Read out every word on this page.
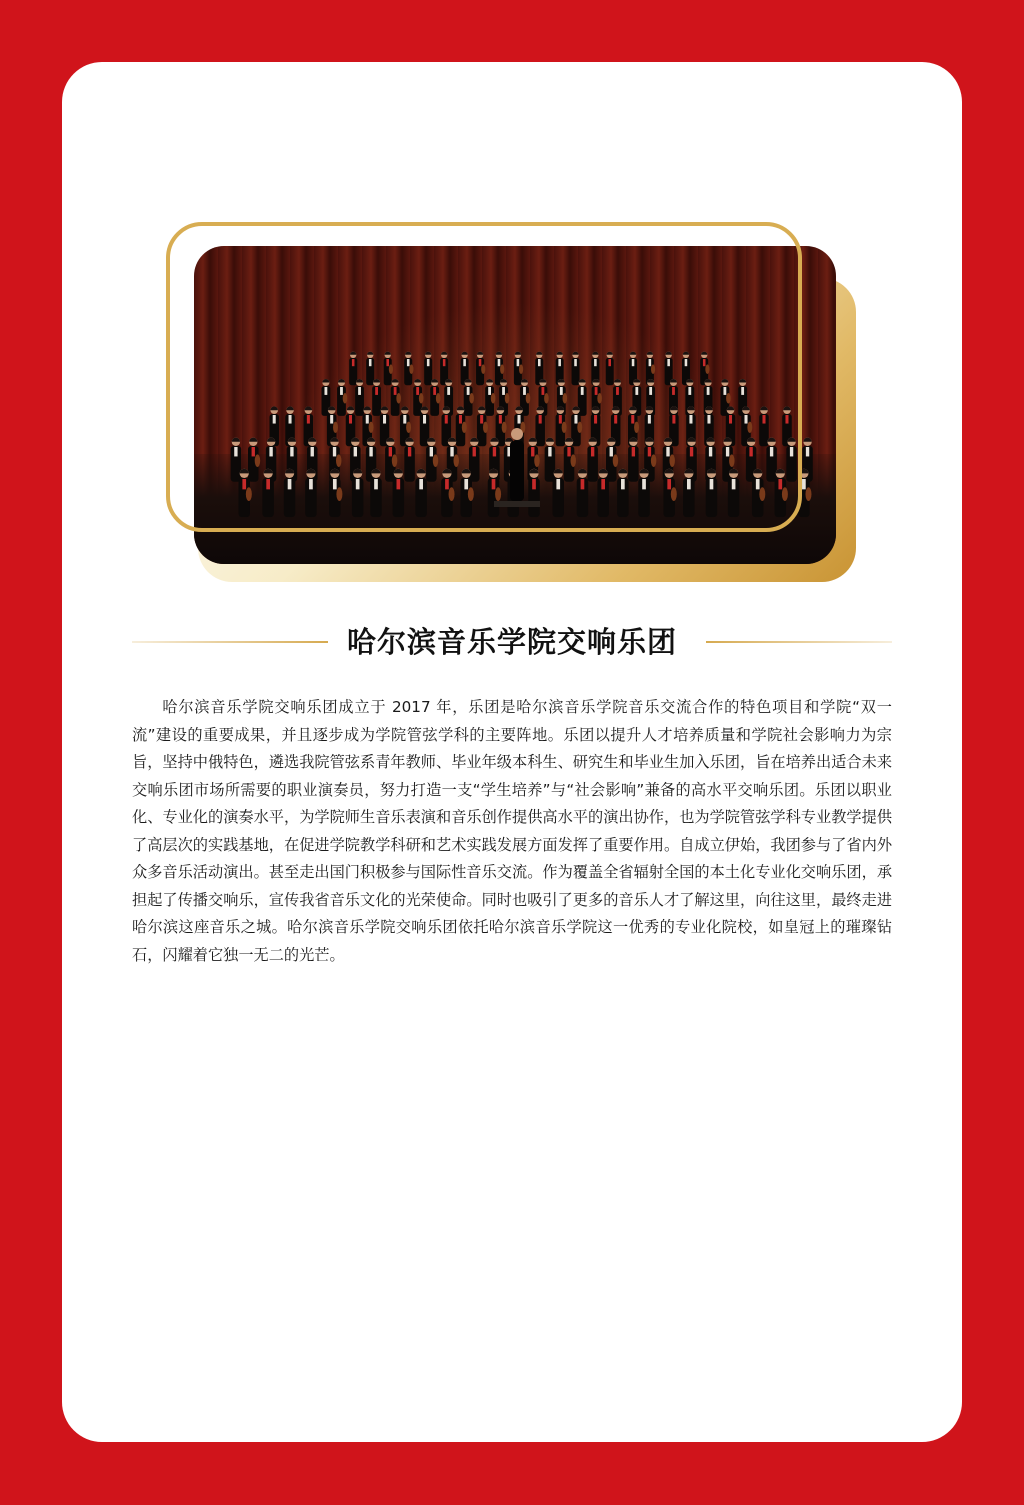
哈尔滨音乐学院交响乐团

哈尔滨音乐学院交响乐团成立于 2017 年，乐团是哈尔滨音乐学院音乐交流合作的特色项目和学院“双一流”建设的重要成果，并且逐步成为学院管弦学科的主要阵地。乐团以提升人才培养质量和学院社会影响力为宗旨，坚持中俄特色，遴选我院管弦系青年教师、毕业年级本科生、研究生和毕业生加入乐团，旨在培养出适合未来交响乐团市场所需要的职业演奏员，努力打造一支“学生培养”与“社会影响”兼备的高水平交响乐团。乐团以职业化、专业化的演奏水平，为学院师生音乐表演和音乐创作提供高水平的演出协作，也为学院管弦学科专业教学提供了高层次的实践基地，在促进学院教学科研和艺术实践发展方面发挥了重要作用。自成立伊始，我团参与了省内外众多音乐活动演出。甚至走出国门积极参与国际性音乐交流。作为覆盖全省辐射全国的本土化专业化交响乐团，承担起了传播交响乐，宣传我省音乐文化的光荣使命。同时也吸引了更多的音乐人才了解这里，向往这里，最终走进哈尔滨这座音乐之城。哈尔滨音乐学院交响乐团依托哈尔滨音乐学院这一优秀的专业化院校，如皇冠上的璀璨钻石，闪耀着它独一无二的光芒。
